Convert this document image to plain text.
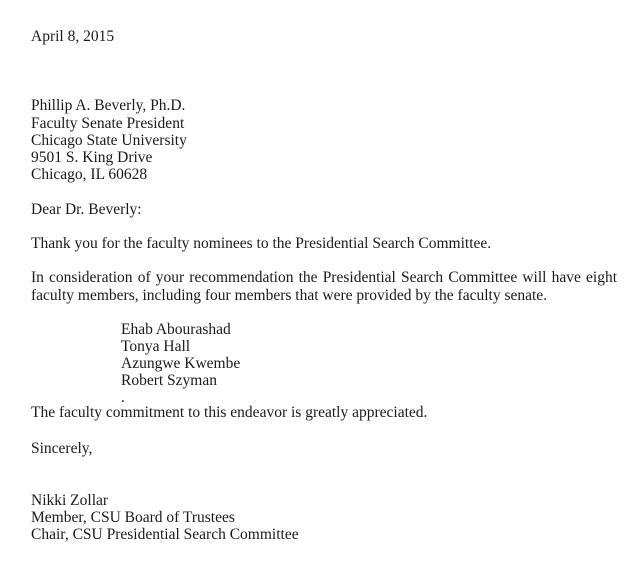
April 8, 2015
Phillip A. Beverly, Ph.D.
Faculty Senate President
Chicago State University
9501 S. King Drive
Chicago, IL 60628
Dear Dr. Beverly:
Thank you for the faculty nominees to the Presidential Search Committee.
In consideration of your recommendation the Presidential Search Committee will have eight
faculty members, including four members that were provided by the faculty senate.
Ehab Abourashad
Tonya Hall
Azungwe Kwembe
Robert Szyman
.
The faculty commitment to this endeavor is greatly appreciated.
Sincerely,
Nikki Zollar
Member, CSU Board of Trustees
Chair, CSU Presidential Search Committee
